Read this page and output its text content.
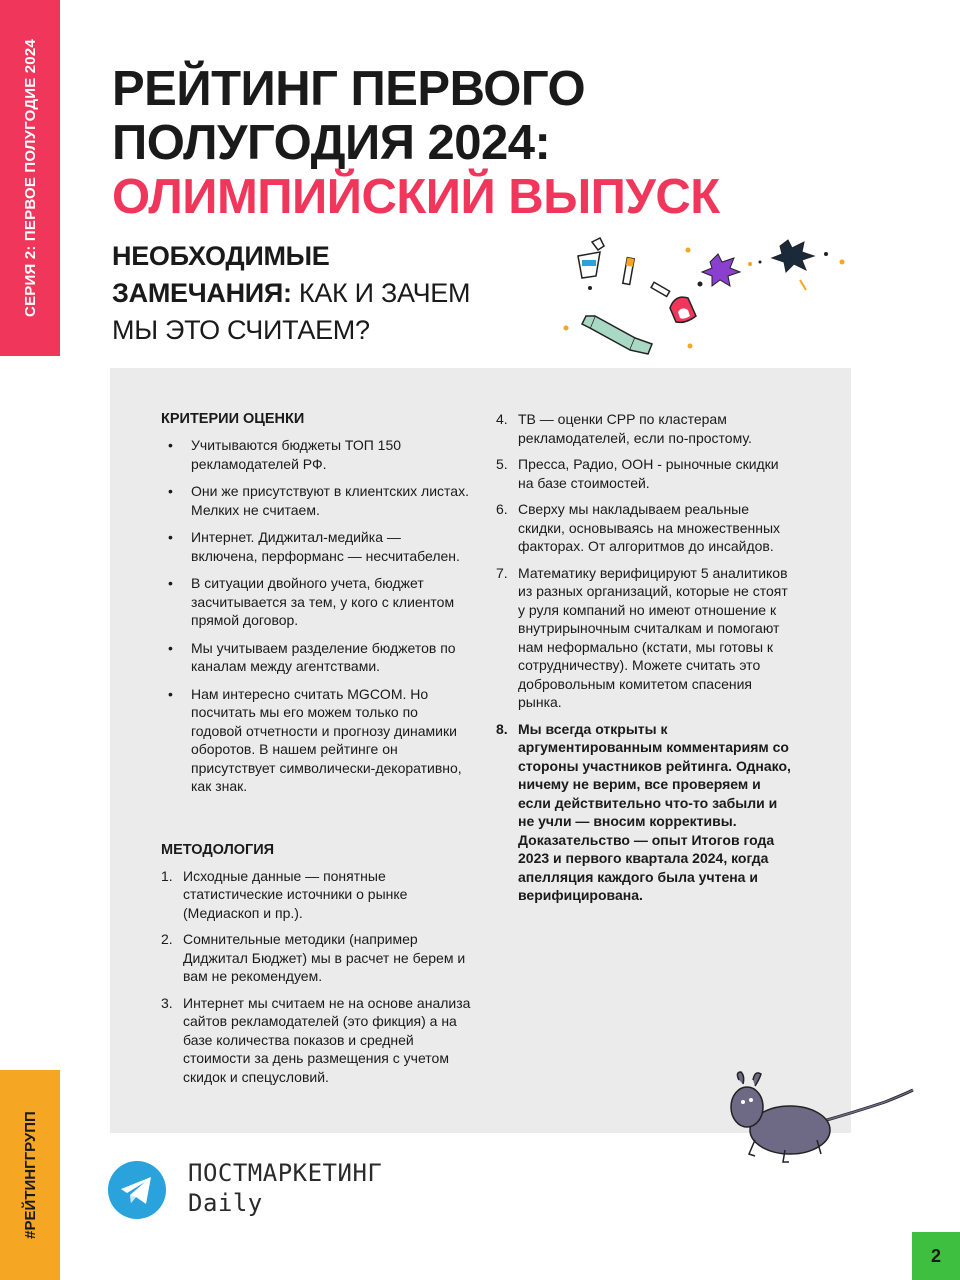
СЕРИЯ 2: ПЕРВОЕ ПОЛУГОДИЕ 2024
#РЕЙТИНГГРУПП
РЕЙТИНГ ПЕРВОГО
ПОЛУГОДИЯ 2024:
ОЛИМПИЙСКИЙ ВЫПУСК
НЕОБХОДИМЫЕ
ЗАМЕЧАНИЯ: КАК И ЗАЧЕМ
МЫ ЭТО СЧИТАЕМ?
КРИТЕРИИ ОЦЕНКИ
• Учитываются бюджеты ТОП 150 рекламодателей РФ.
• Они же присутствуют в клиентских листах. Мелких не считаем.
• Интернет. Диджитал-медийка — включена, перформанс — несчитабелен.
• В ситуации двойного учета, бюджет засчитывается за тем, у кого с клиентом прямой договор.
• Мы учитываем разделение бюджетов по каналам между агентствами.
• Нам интересно считать MGCOM. Но посчитать мы его можем только по годовой отчетности и прогнозу динамики оборотов. В нашем рейтинге он присутствует символически-декоративно, как знак.
МЕТОДОЛОГИЯ
1. Исходные данные — понятные статистические источники о рынке (Медиаскоп и пр.).
2. Сомнительные методики (например Диджитал Бюджет) мы в расчет не берем и вам не рекомендуем.
3. Интернет мы считаем не на основе анализа сайтов рекламодателей (это фикция) а на базе количества показов и средней стоимости за день размещения с учетом скидок и спецусловий.
4. ТВ — оценки CPP по кластерам рекламодателей, если по-простому.
5. Пресса, Радио, ООН - рыночные скидки на базе стоимостей.
6. Сверху мы накладываем реальные скидки, основываясь на множественных факторах. От алгоритмов до инсайдов.
7. Математику верифицируют 5 аналитиков из разных организаций, которые не стоят у руля компаний но имеют отношение к внутрирыночным считалкам и помогают нам неформально (кстати, мы готовы к сотрудничеству). Можете считать это добровольным комитетом спасения рынка.
8. Мы всегда открыты к аргументированным комментариям со стороны участников рейтинга. Однако, ничему не верим, все проверяем и если действительно что-то забыли и не учли — вносим коррективы. Доказательство — опыт Итогов года 2023 и первого квартала 2024, когда апелляция каждого была учтена и верифицирована.
ПОСТМАРКЕТИНГ
Daily
2
